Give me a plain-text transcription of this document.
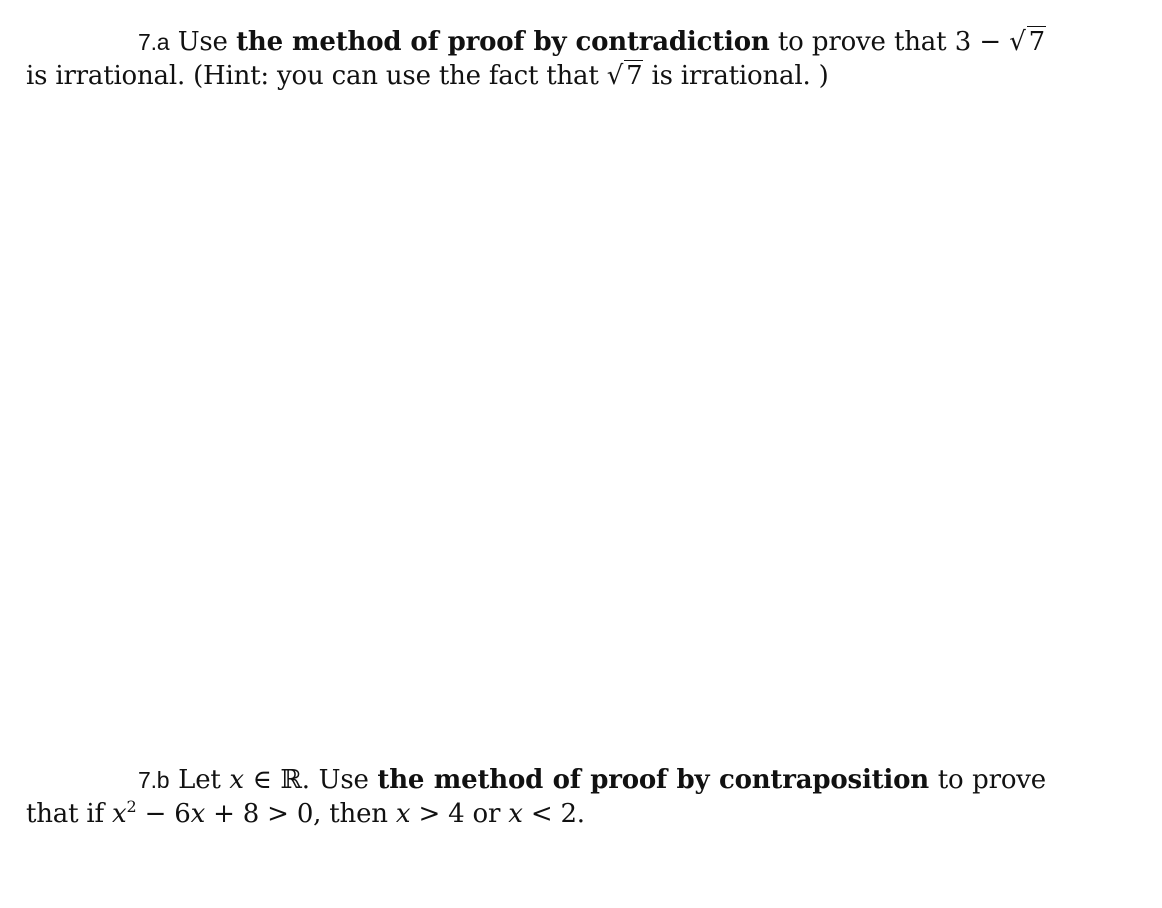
7.a Use the method of proof by contradiction to prove that 3 − √ 7 is irrational. (Hint: you can use the fact that √ 7 is irrational. )
7.b Let x ∈ ℝ. Use the method of proof by contraposition to prove that if $x^2 - 6x + 8 > 0$, then x > 4 or x < 2.
